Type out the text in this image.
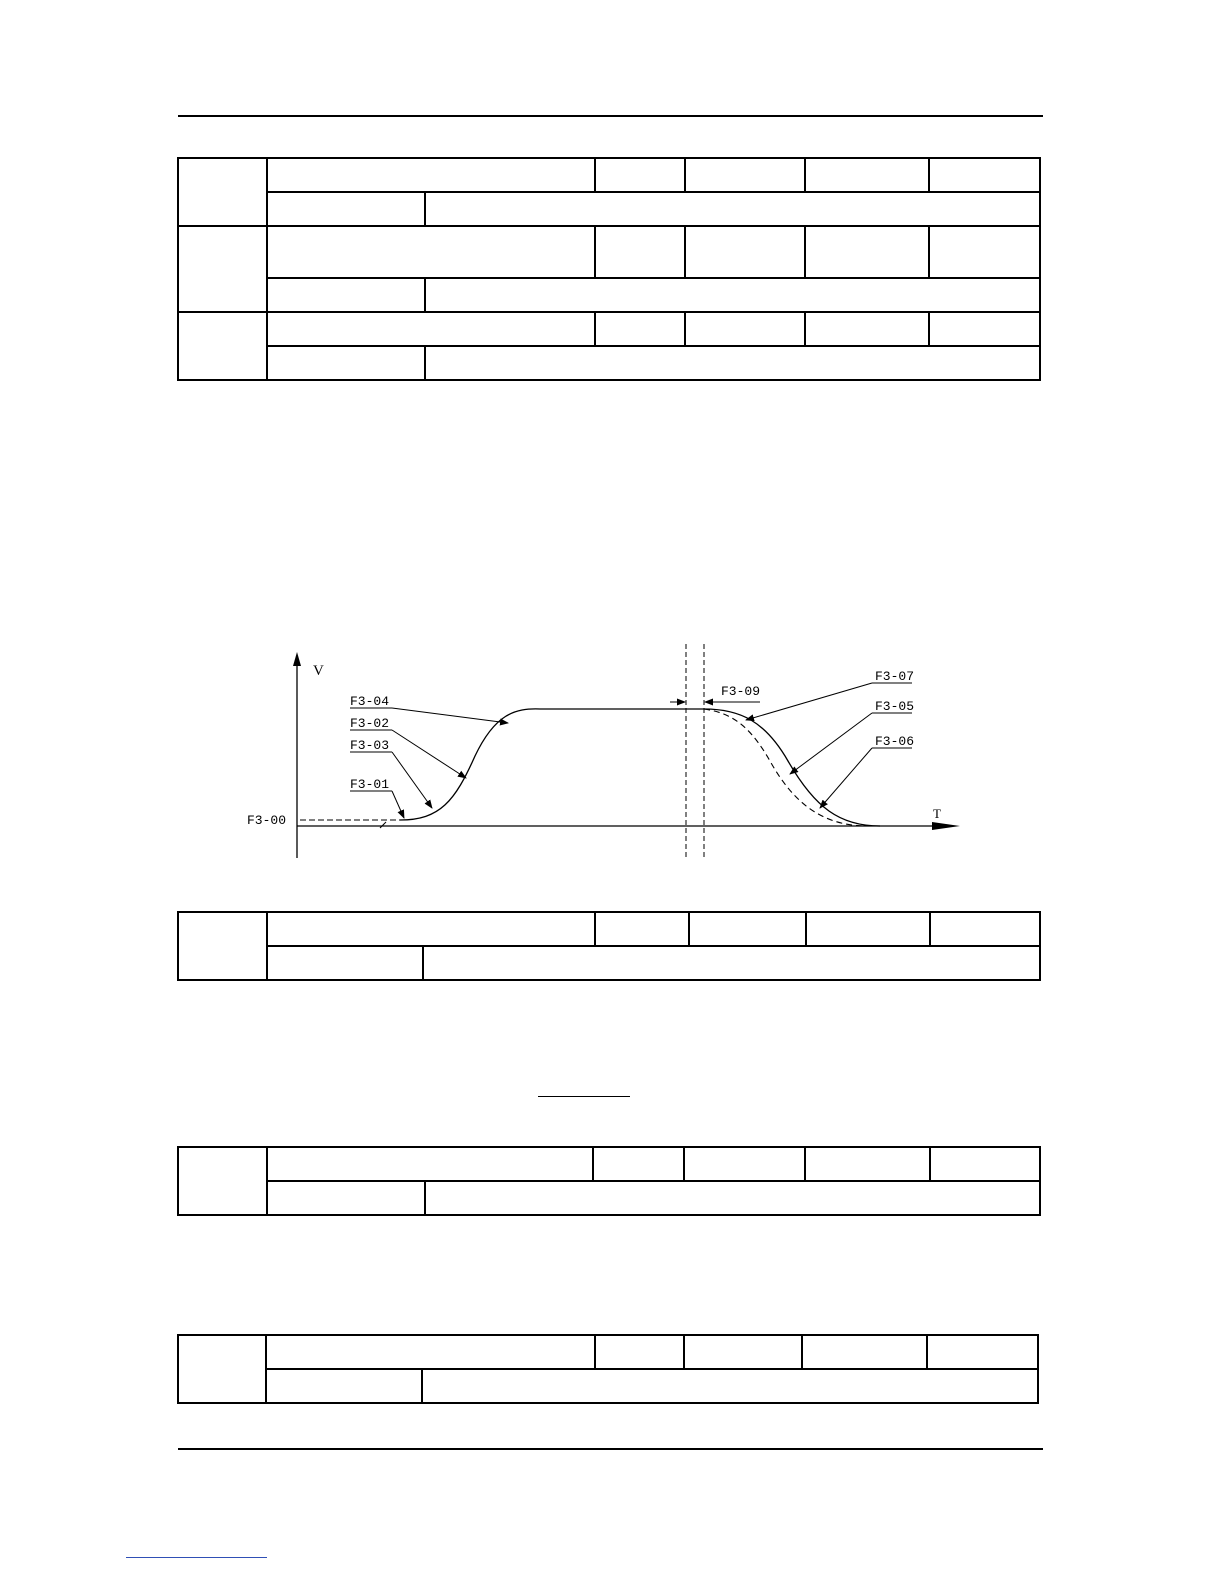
V
T
F3-09
F3-04
F3-02
F3-03
F3-01
F3-00
F3-07
F3-05
F3-06
